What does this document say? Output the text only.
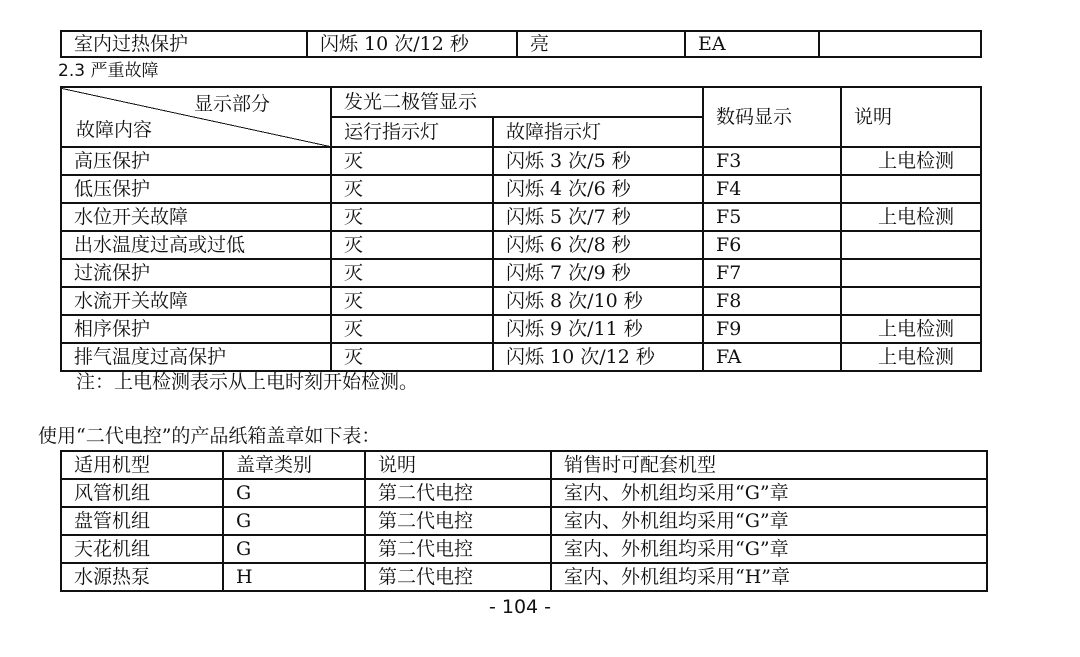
室内过热保护	闪烁 10 次/12 秒	亮	EA	
2.3 严重故障
显示部分
故障内容	发光二极管显示		数码显示	说明
	运行指示灯	故障指示灯		
高压保护	灭	闪烁 3 次/5 秒	F3	上电检测
低压保护	灭	闪烁 4 次/6 秒	F4	
水位开关故障	灭	闪烁 5 次/7 秒	F5	上电检测
出水温度过高或过低	灭	闪烁 6 次/8 秒	F6	
过流保护	灭	闪烁 7 次/9 秒	F7	
水流开关故障	灭	闪烁 8 次/10 秒	F8	
相序保护	灭	闪烁 9 次/11 秒	F9	上电检测
排气温度过高保护	灭	闪烁 10 次/12 秒	FA	上电检测
注：上电检测表示从上电时刻开始检测。
使用“二代电控”的产品纸箱盖章如下表：
适用机型	盖章类别	说明	销售时可配套机型
风管机组	G	第二代电控	室内、外机组均采用“G”章
盘管机组	G	第二代电控	室内、外机组均采用“G”章
天花机组	G	第二代电控	室内、外机组均采用“G”章
水源热泵	H	第二代电控	室内、外机组均采用“H”章
- 104 -
